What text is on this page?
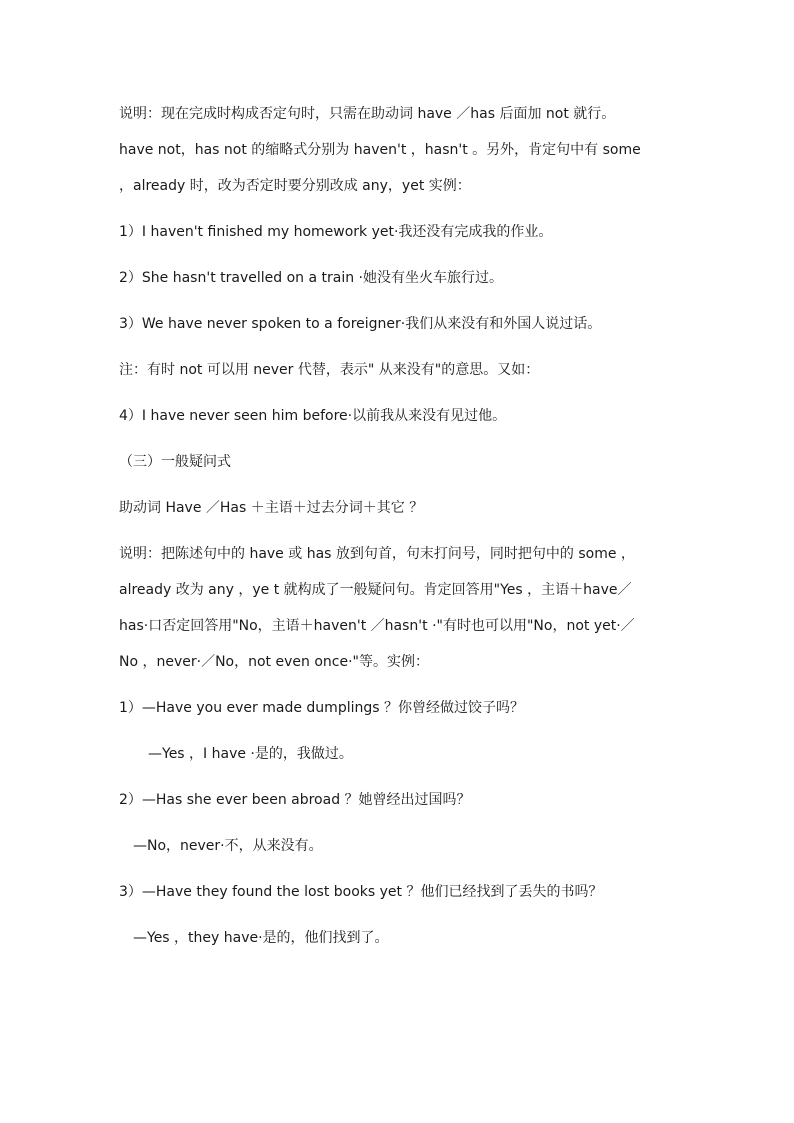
说明：现在完成时构成否定句时，只需在助动词 have ／has 后面加 not 就行。
have not，has not 的缩略式分别为 haven't ，hasn't 。另外，肯定句中有 some
，already 时，改为否定时要分别改成 any，yet 实例：
1）I haven't finished my homework yet·我还没有完成我的作业。
2）She hasn't travelled on a train ·她没有坐火车旅行过。
3）We have never spoken to a foreigner·我们从来没有和外国人说过话。
注：有时 not 可以用 never 代替，表示" 从来没有"的意思。又如：
4）I have never seen him before·以前我从来没有见过他。
（三）一般疑问式
助动词 Have ／Has ＋主语＋过去分词＋其它 ？
说明：把陈述句中的 have 或 has 放到句首，句末打问号，同时把句中的 some ，
already 改为 any ，ye t 就构成了一般疑问句。肯定回答用"Yes ，主语＋have／
has·口否定回答用"No，主语＋haven't ／hasn't ·"有时也可以用"No，not yet·／
No ，never·／No，not even once·"等。实例：
1）—Have you ever made dumplings ？你曾经做过饺子吗？
—Yes ，I have ·是的，我做过。
2）—Has she ever been abroad ？她曾经出过国吗？
—No，never·不，从来没有。
3）—Have they found the lost books yet ？他们已经找到了丢失的书吗？
—Yes ，they have·是的，他们找到了。
